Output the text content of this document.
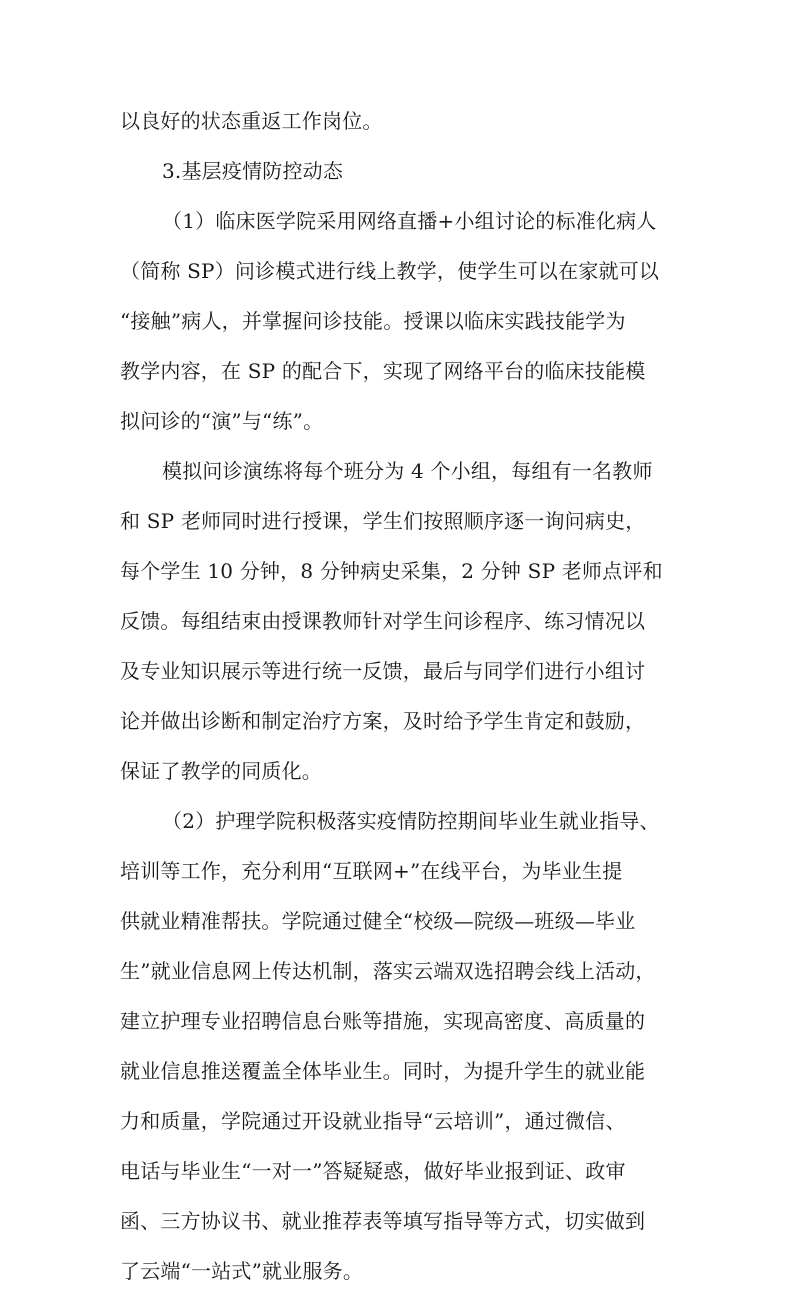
以良好的状态重返工作岗位。
3.基层疫情防控动态
（1）临床医学院采用网络直播+小组讨论的标准化病人
（简称 SP）问诊模式进行线上教学，使学生可以在家就可以
“接触”病人，并掌握问诊技能。授课以临床实践技能学为
教学内容，在 SP 的配合下，实现了网络平台的临床技能模
拟问诊的“演”与“练”。
模拟问诊演练将每个班分为 4 个小组，每组有一名教师
和 SP 老师同时进行授课，学生们按照顺序逐一询问病史，
每个学生 10 分钟，8 分钟病史采集，2 分钟 SP 老师点评和
反馈。每组结束由授课教师针对学生问诊程序、练习情况以
及专业知识展示等进行统一反馈，最后与同学们进行小组讨
论并做出诊断和制定治疗方案，及时给予学生肯定和鼓励，
保证了教学的同质化。
（2）护理学院积极落实疫情防控期间毕业生就业指导、
培训等工作，充分利用“互联网+”在线平台，为毕业生提
供就业精准帮扶。学院通过健全“校级—院级—班级—毕业
生”就业信息网上传达机制，落实云端双选招聘会线上活动，
建立护理专业招聘信息台账等措施，实现高密度、高质量的
就业信息推送覆盖全体毕业生。同时，为提升学生的就业能
力和质量，学院通过开设就业指导“云培训”，通过微信、
电话与毕业生“一对一”答疑疑惑，做好毕业报到证、政审
函、三方协议书、就业推荐表等填写指导等方式，切实做到
了云端“一站式”就业服务。
